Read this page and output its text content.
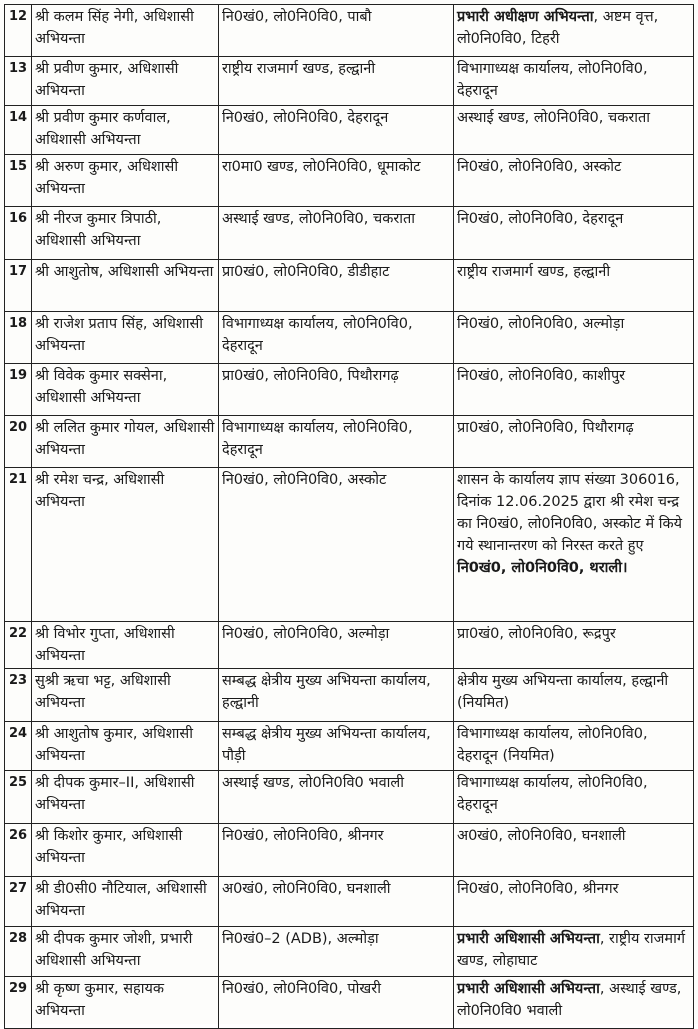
12	श्री कलम सिंह नेगी, अधिशासी अभियन्ता	नि0खं0, लो0नि0वि0, पाबौ	प्रभारी अधीक्षण अभियन्ता, अष्टम वृत्त, लो0नि0वि0, टिहरी
13	श्री प्रवीण कुमार, अधिशासी अभियन्ता	राष्ट्रीय राजमार्ग खण्ड, हल्द्वानी	विभागाध्यक्ष कार्यालय, लो0नि0वि0, देहरादून
14	श्री प्रवीण कुमार कर्णवाल, अधिशासी अभियन्ता	नि0खं0, लो0नि0वि0, देहरादून	अस्थाई खण्ड, लो0नि0वि0, चकराता
15	श्री अरुण कुमार, अधिशासी अभियन्ता	रा0मा0 खण्ड, लो0नि0वि0, धूमाकोट	नि0खं0, लो0नि0वि0, अस्कोट
16	श्री नीरज कुमार त्रिपाठी, अधिशासी अभियन्ता	अस्थाई खण्ड, लो0नि0वि0, चकराता	नि0खं0, लो0नि0वि0, देहरादून
17	श्री आशुतोष, अधिशासी अभियन्ता	प्रा0खं0, लो0नि0वि0, डीडीहाट	राष्ट्रीय राजमार्ग खण्ड, हल्द्वानी
18	श्री राजेश प्रताप सिंह, अधिशासी अभियन्ता	विभागाध्यक्ष कार्यालय, लो0नि0वि0, देहरादून	नि0खं0, लो0नि0वि0, अल्मोड़ा
19	श्री विवेक कुमार सक्सेना, अधिशासी अभियन्ता	प्रा0खं0, लो0नि0वि0, पिथौरागढ़	नि0खं0, लो0नि0वि0, काशीपुर
20	श्री ललित कुमार गोयल, अधिशासी अभियन्ता	विभागाध्यक्ष कार्यालय, लो0नि0वि0, देहरादून	प्रा0खं0, लो0नि0वि0, पिथौरागढ़
21	श्री रमेश चन्द्र, अधिशासी अभियन्ता	नि0खं0, लो0नि0वि0, अस्कोट	शासन के कार्यालय ज्ञाप संख्या 306016, दिनांक 12.06.2025 द्वारा श्री रमेश चन्द्र का नि0खं0, लो0नि0वि0, अस्कोट में किये गये स्थानान्तरण को निरस्त करते हुए नि0खं0, लो0नि0वि0, थराली।
22	श्री विभोर गुप्ता, अधिशासी अभियन्ता	नि0खं0, लो0नि0वि0, अल्मोड़ा	प्रा0खं0, लो0नि0वि0, रूद्रपुर
23	सुश्री ऋचा भट्ट, अधिशासी अभियन्ता	सम्बद्ध क्षेत्रीय मुख्य अभियन्ता कार्यालय, हल्द्वानी	क्षेत्रीय मुख्य अभियन्ता कार्यालय, हल्द्वानी (नियमित)
24	श्री आशुतोष कुमार, अधिशासी अभियन्ता	सम्बद्ध क्षेत्रीय मुख्य अभियन्ता कार्यालय, पौड़ी	विभागाध्यक्ष कार्यालय, लो0नि0वि0, देहरादून (नियमित)
25	श्री दीपक कुमार–II, अधिशासी अभियन्ता	अस्थाई खण्ड, लो0नि0वि0 भवाली	विभागाध्यक्ष कार्यालय, लो0नि0वि0, देहरादून
26	श्री किशोर कुमार, अधिशासी अभियन्ता	नि0खं0, लो0नि0वि0, श्रीनगर	अ0खं0, लो0नि0वि0, घनशाली
27	श्री डी0सी0 नौटियाल, अधिशासी अभियन्ता	अ0खं0, लो0नि0वि0, घनशाली	नि0खं0, लो0नि0वि0, श्रीनगर
28	श्री दीपक कुमार जोशी, प्रभारी अधिशासी अभियन्ता	नि0खं0–2 (ADB), अल्मोड़ा	प्रभारी अधिशासी अभियन्ता, राष्ट्रीय राजमार्ग खण्ड, लोहाघाट
29	श्री कृष्ण कुमार, सहायक अभियन्ता	नि0खं0, लो0नि0वि0, पोखरी	प्रभारी अधिशासी अभियन्ता, अस्थाई खण्ड, लो0नि0वि0 भवाली
